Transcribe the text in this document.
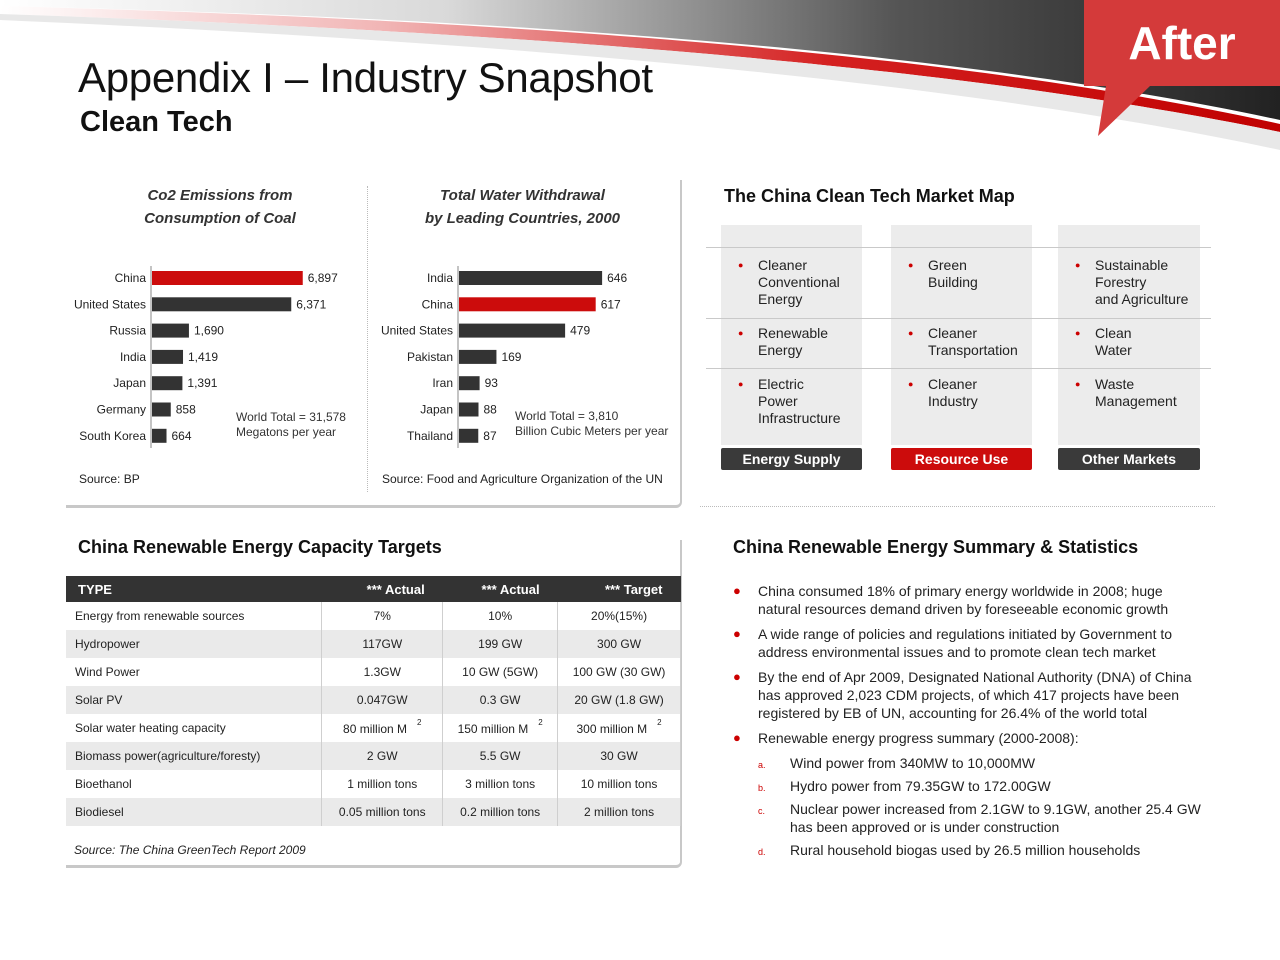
After
Appendix I – Industry Snapshot
Clean Tech
Co2 Emissions from
Consumption of Coal
Total Water Withdrawal
by Leading Countries, 2000
China	6,897
United States	6,371
Russia	1,690
India	1,419
Japan	1,391
Germany 858
South Korea 664
India	646
China	617
United States	479
Pakistan	169
Iran	93
Japan	88
Thailand	87
World Total = 31,578
Megatons per year
World Total = 3,810
Billion Cubic Meters per year
Source: BP	Source: Food and Agriculture Organization of the UN
The China Clean Tech Market Map
● Cleaner
Conventional
Energy
● Renewable
Energy
● Electric
Power
Infrastructure
● Green
Building
● Cleaner
Transportation
● Cleaner
Industry
● Sustainable
Forestry
and Agriculture
● Clean
Water
● Waste
Management
Energy Supply	Resource Use	Other Markets
China Renewable Energy Capacity Targets
TYPE	*** Actual	*** Actual	*** Target
Energy from renewable sources	7%	10%	20%(15%)
Hydropower	117GW	199 GW	300 GW
Wind Power	1.3GW	10 GW (5GW)	100 GW (30 GW)
Solar PV	0.047GW	0.3 GW	20 GW (1.8 GW)
Solar water heating capacity	80 million M $^2$	150 million M $^2$	300 million M $^2$
Biomass power(agriculture/foresty)	2 GW	5.5 GW	30 GW
Bioethanol	1 million tons	3 million tons	10 million tons
Biodiesel	0.05 million tons	0.2 million tons	2 million tons
Source: The China GreenTech Report 2009
China Renewable Energy Summary & Statistics
● China consumed 18% of primary energy worldwide in 2008; huge natural resources demand driven by foreseeable economic growth
● A wide range of policies and regulations initiated by Government to address environmental issues and to promote clean tech market
● By the end of Apr 2009, Designated National Authority (DNA) of China has approved 2,023 CDM projects, of which 417 projects have been registered by EB of UN, accounting for 26.4% of the world total
● Renewable energy progress summary (2000-2008):
a. Wind power from 340MW to 10,000MW
b. Hydro power from 79.35GW to 172.00GW
c. Nuclear power increased from 2.1GW to 9.1GW, another 25.4 GW has been approved or is under construction
d. Rural household biogas used by 26.5 million households
